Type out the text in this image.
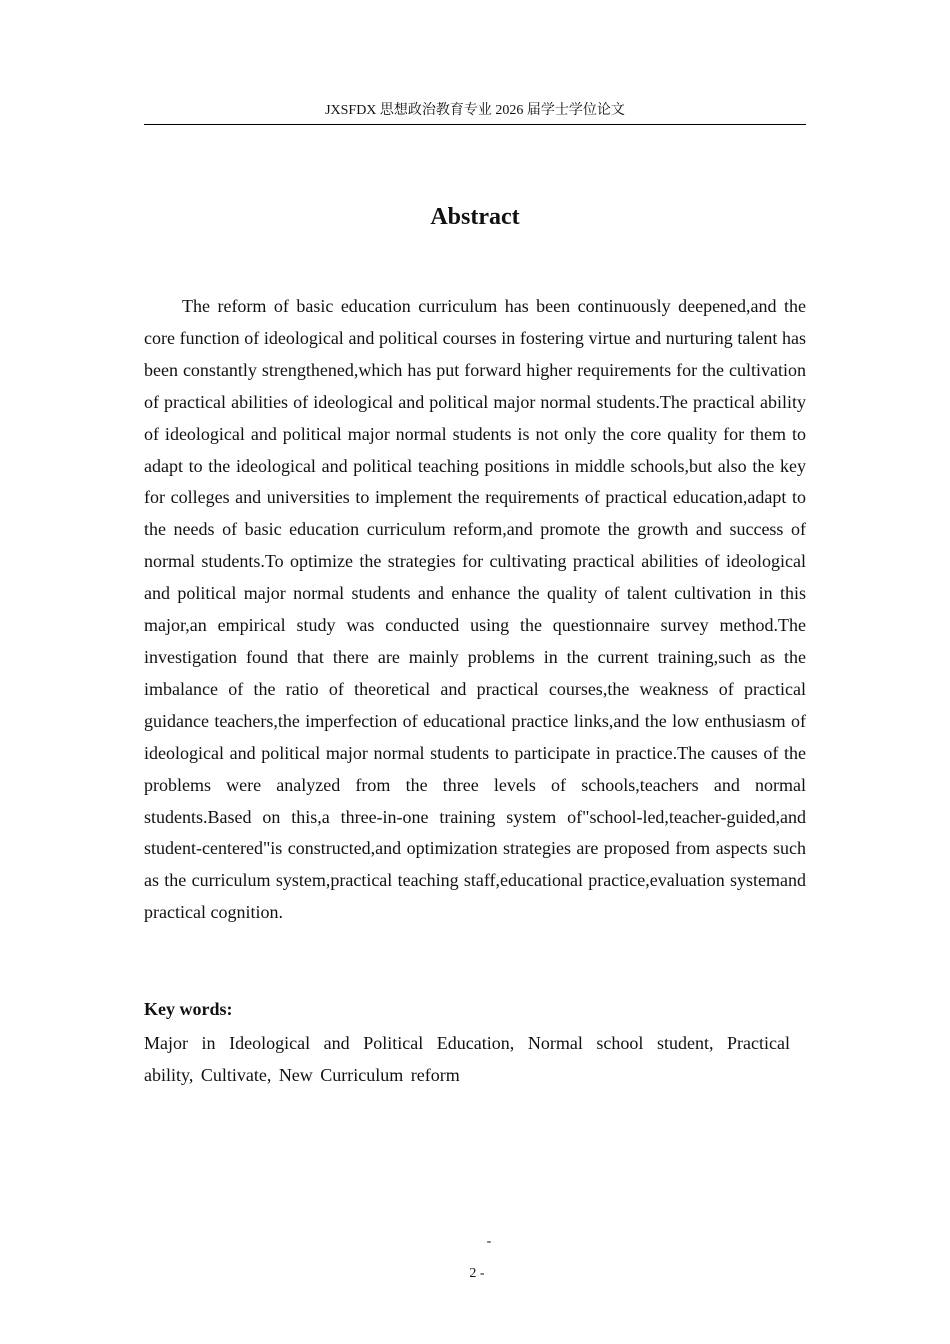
JXSFDX 思想政治教育专业 2026 届学士学位论文
Abstract

The reform of basic education curriculum has been continuously deepened,and the core function of ideological and political courses in fostering virtue and nurturing talent has been constantly strengthened,which has put forward higher requirements for the cultivation of practical abilities of ideological and political major normal students.The practical ability of ideological and political major normal students is not only the core quality for them to adapt to the ideological and political teaching positions in middle schools,but also the key for colleges and universities to implement the requirements of practical education,adapt to the needs of basic education curriculum reform,and promote the growth and success of normal students.To optimize the strategies for cultivating practical abilities of ideological and political major normal students and enhance the quality of talent cultivation in this major,an empirical study was conducted using the questionnaire survey method.The investigation found that there are mainly problems in the current training,such as the imbalance of the ratio of theoretical and practical courses,the weakness of practical guidance teachers,the imperfection of educational practice links,and the low enthusiasm of ideological and political major normal students to participate in practice.The causes of the problems were analyzed from the three levels of schools,teachers and normal students.Based on this,a three-in-one training system of"school-led,teacher-guided,and student-centered"is constructed,and optimization strategies are proposed from aspects such as the curriculum system,practical teaching staff,educational practice,evaluation systemand practical cognition.

Key words:

Major in Ideological and Political Education, Normal school student, Practical ability, Cultivate, New Curriculum reform

-
2 -
